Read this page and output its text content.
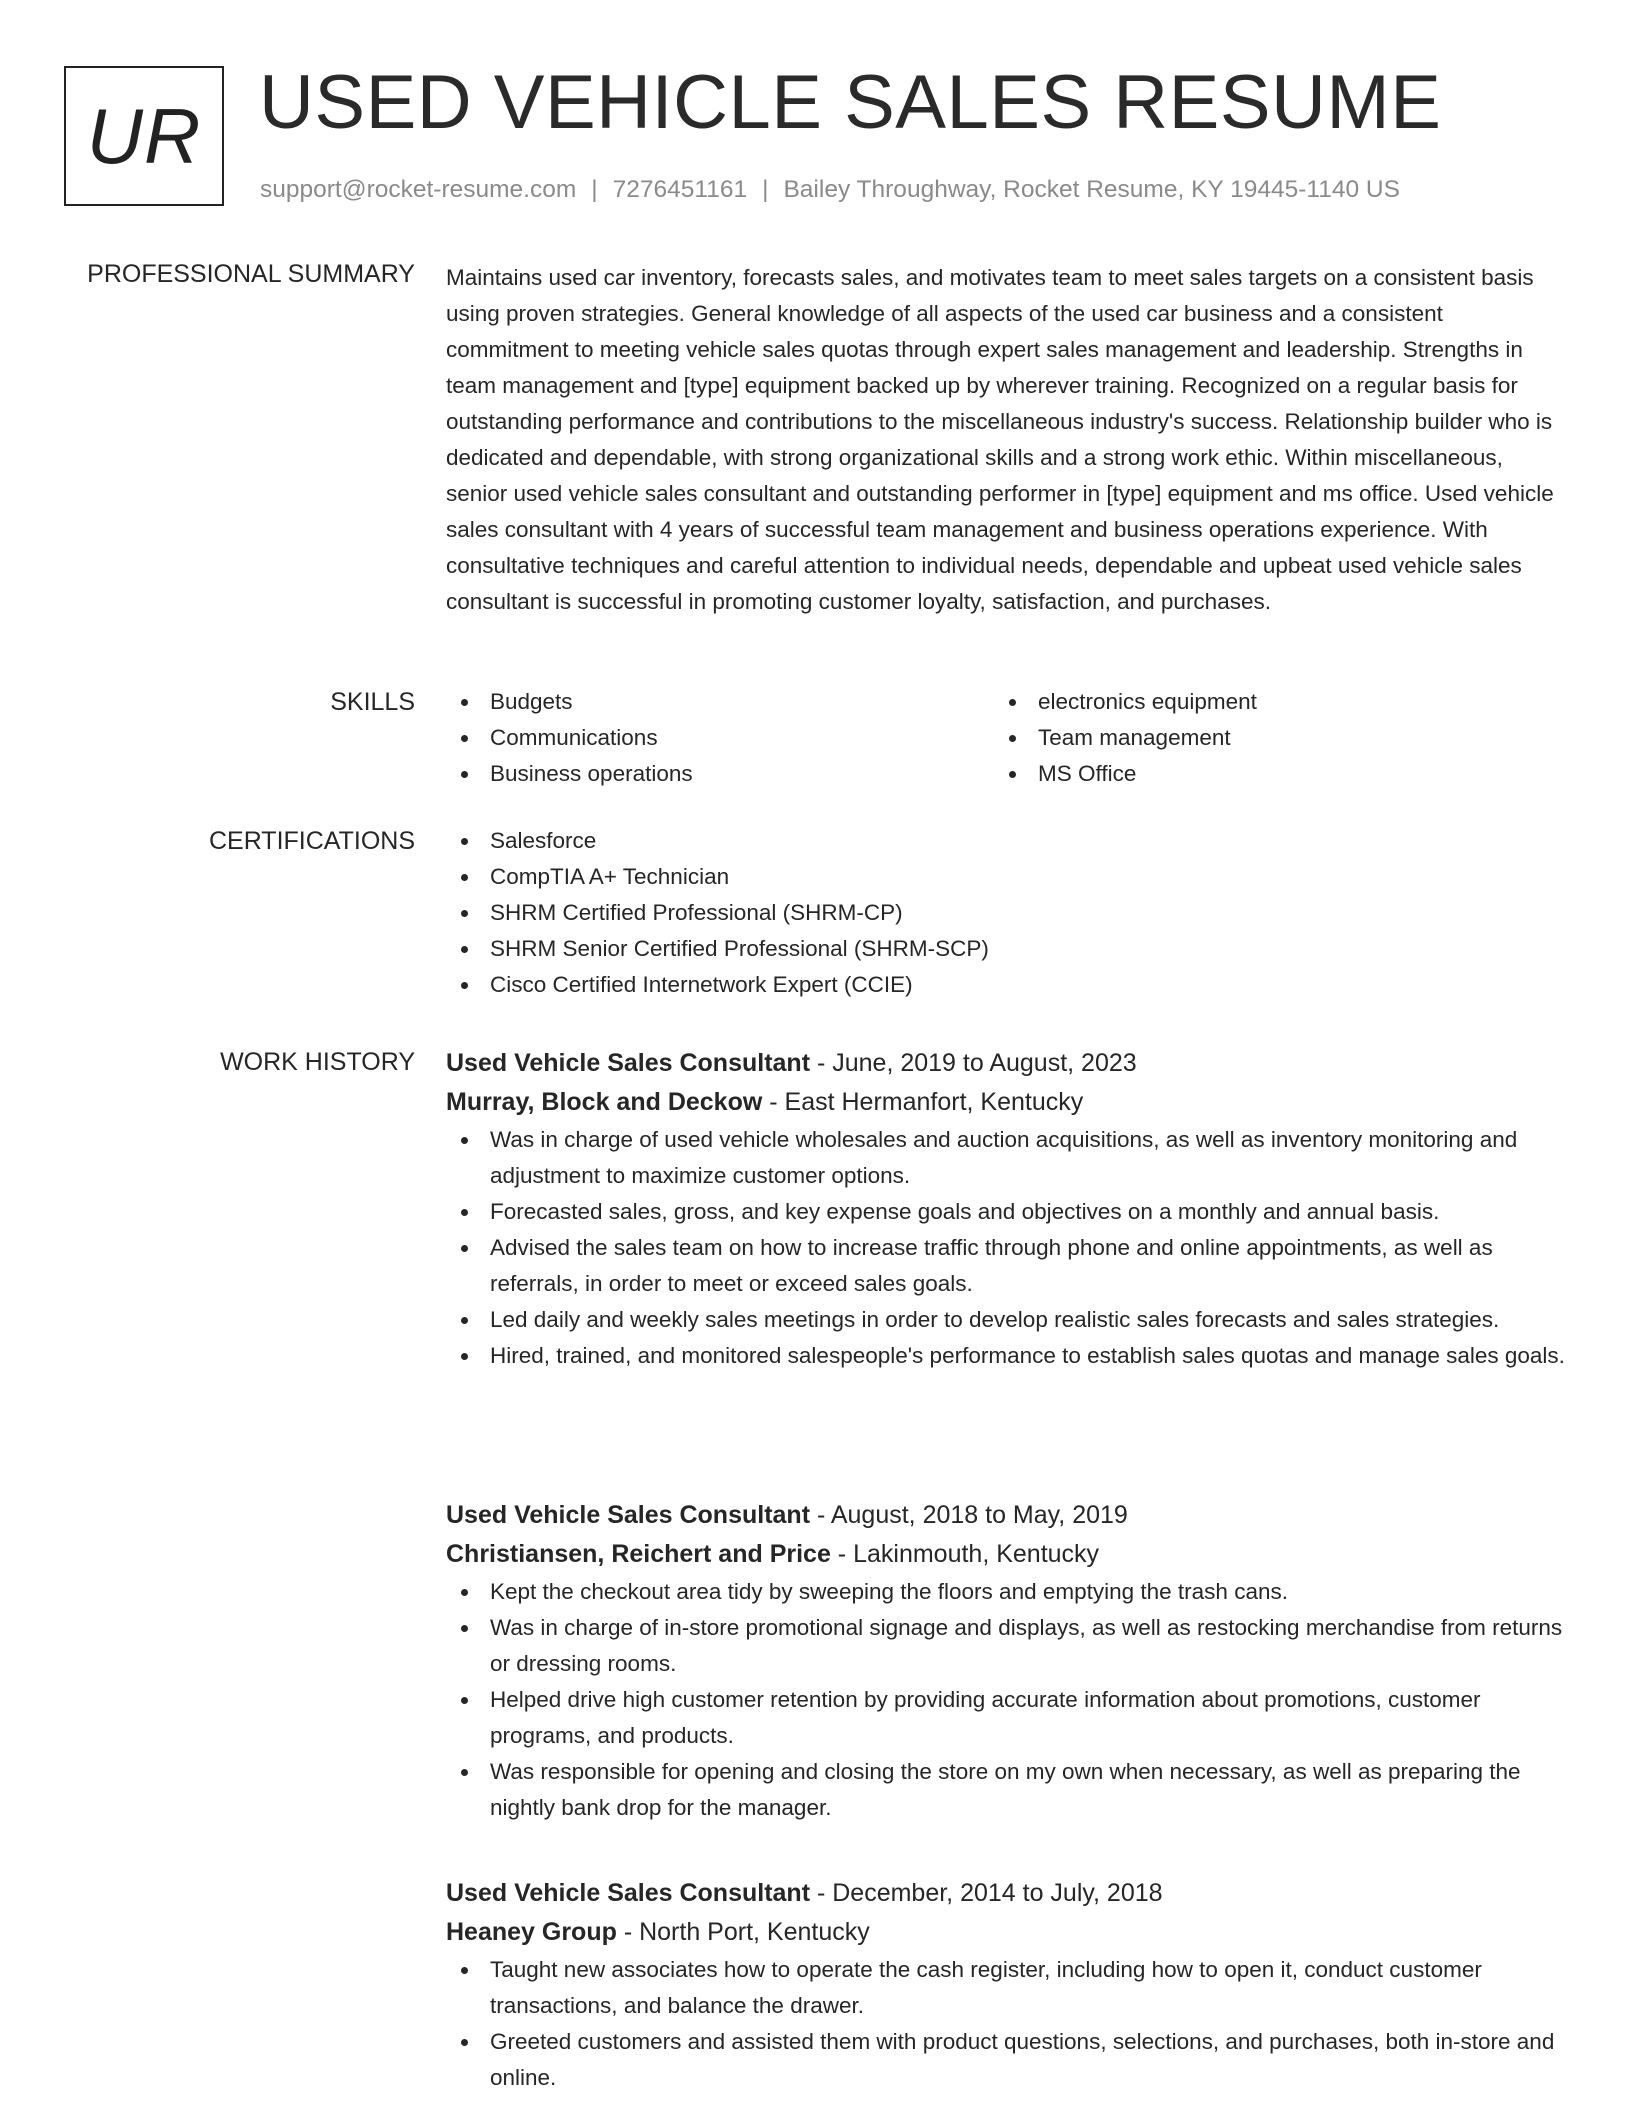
UR USED VEHICLE SALES RESUME
support@rocket-resume.com | 7276451161 | Bailey Throughway, Rocket Resume, KY 19445-1140 US
PROFESSIONAL SUMMARY Maintains used car inventory, forecasts sales, and motivates team to meet sales targets on a consistent basis using proven strategies. General knowledge of all aspects of the used car business and a consistent commitment to meeting vehicle sales quotas through expert sales management and leadership. Strengths in team management and [type] equipment backed up by wherever training. Recognized on a regular basis for outstanding performance and contributions to the miscellaneous industry's success. Relationship builder who is dedicated and dependable, with strong organizational skills and a strong work ethic. Within miscellaneous, senior used vehicle sales consultant and outstanding performer in [type] equipment and ms office. Used vehicle sales consultant with 4 years of successful team management and business operations experience. With consultative techniques and careful attention to individual needs, dependable and upbeat used vehicle sales consultant is successful in promoting customer loyalty, satisfaction, and purchases.

SKILLS	Budgets
Communications
Business operations
electronics equipment
Team management
MS Office
CERTIFICATIONS	Salesforce
CompTIA A+ Technician
SHRM Certified Professional (SHRM-CP)
SHRM Senior Certified Professional (SHRM-SCP)
Cisco Certified Internetwork Expert (CCIE)
WORK HISTORY Used Vehicle Sales Consultant - June, 2019 to August, 2023
Murray, Block and Deckow - East Hermanfort, Kentucky
Was in charge of used vehicle wholesales and auction acquisitions, as well as inventory monitoring and adjustment to maximize customer options.
Forecasted sales, gross, and key expense goals and objectives on a monthly and annual basis.
Advised the sales team on how to increase traffic through phone and online appointments, as well as referrals, in order to meet or exceed sales goals.
Led daily and weekly sales meetings in order to develop realistic sales forecasts and sales strategies.
Hired, trained, and monitored salespeople's performance to establish sales quotas and manage sales goals.
Used Vehicle Sales Consultant - August, 2018 to May, 2019
Christiansen, Reichert and Price - Lakinmouth, Kentucky
Kept the checkout area tidy by sweeping the floors and emptying the trash cans.
Was in charge of in-store promotional signage and displays, as well as restocking merchandise from returns or dressing rooms.
Helped drive high customer retention by providing accurate information about promotions, customer programs, and products.
Was responsible for opening and closing the store on my own when necessary, as well as preparing the nightly bank drop for the manager.
Used Vehicle Sales Consultant - December, 2014 to July, 2018
Heaney Group - North Port, Kentucky
Taught new associates how to operate the cash register, including how to open it, conduct customer transactions, and balance the drawer.
Greeted customers and assisted them with product questions, selections, and purchases, both in-store and online.
